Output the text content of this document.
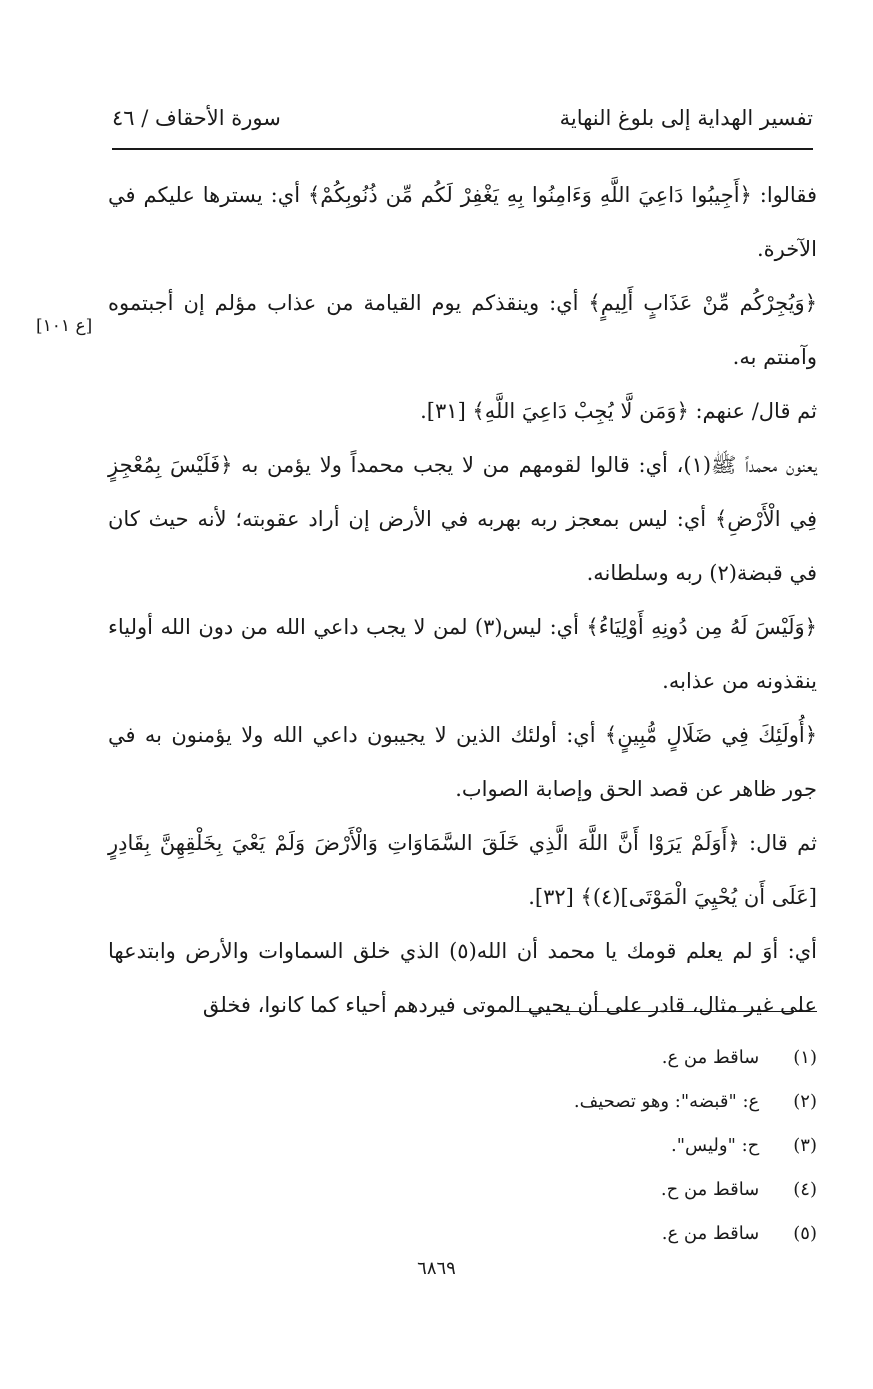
تفسير الهداية إلى بلوغ النهاية
سورة الأحقاف / ٤٦
[ع ١٠١]

فقالوا: ﴿أَجِيبُوا دَاعِيَ اللَّهِ وَءَامِنُوا بِهِ يَغْفِرْ لَكُم مِّن ذُنُوبِكُمْ﴾ أي: يسترها عليكم في الآخرة.

﴿وَيُجِرْكُم مِّنْ عَذَابٍ أَلِيمٍ﴾ أي: وينقذكم يوم القيامة من عذاب مؤلم إن أجبتموه وآمنتم به.

ثم قال/ عنهم: ﴿وَمَن لَّا يُجِبْ دَاعِيَ اللَّهِ﴾ [٣١].

يعنون محمداً ﷺ(١)، أي: قالوا لقومهم من لا يجب محمداً ولا يؤمن به ﴿فَلَيْسَ بِمُعْجِزٍ فِي الْأَرْضِ﴾ أي: ليس بمعجز ربه بهربه في الأرض إن أراد عقوبته؛ لأنه حيث كان في قبضة(٢) ربه وسلطانه.

﴿وَلَيْسَ لَهُ مِن دُونِهِ أَوْلِيَاءُ﴾ أي: ليس(٣) لمن لا يجب داعي الله من دون الله أولياء ينقذونه من عذابه.

﴿أُولَئِكَ فِي ضَلَالٍ مُّبِينٍ﴾ أي: أولئك الذين لا يجيبون داعي الله ولا يؤمنون به في جور ظاهر عن قصد الحق وإصابة الصواب.

ثم قال: ﴿أَوَلَمْ يَرَوْا أَنَّ اللَّهَ الَّذِي خَلَقَ السَّمَاوَاتِ وَالْأَرْضَ وَلَمْ يَعْيَ بِخَلْقِهِنَّ بِقَادِرٍ [عَلَى أَن يُحْيِيَ الْمَوْتَى](٤)﴾ [٣٢].

أي: أوَ لم يعلم قومك يا محمد أن الله(٥) الذي خلق السماوات والأرض وابتدعها على غير مثال، قادر على أن يحيي الموتى فيردهم أحياء كما كانوا، فخلق

(١) ساقط من ع.
(٢) ع: "قبضه": وهو تصحيف.
(٣) ح: "وليس".
(٤) ساقط من ح.
(٥) ساقط من ع.
٦٨٦٩
